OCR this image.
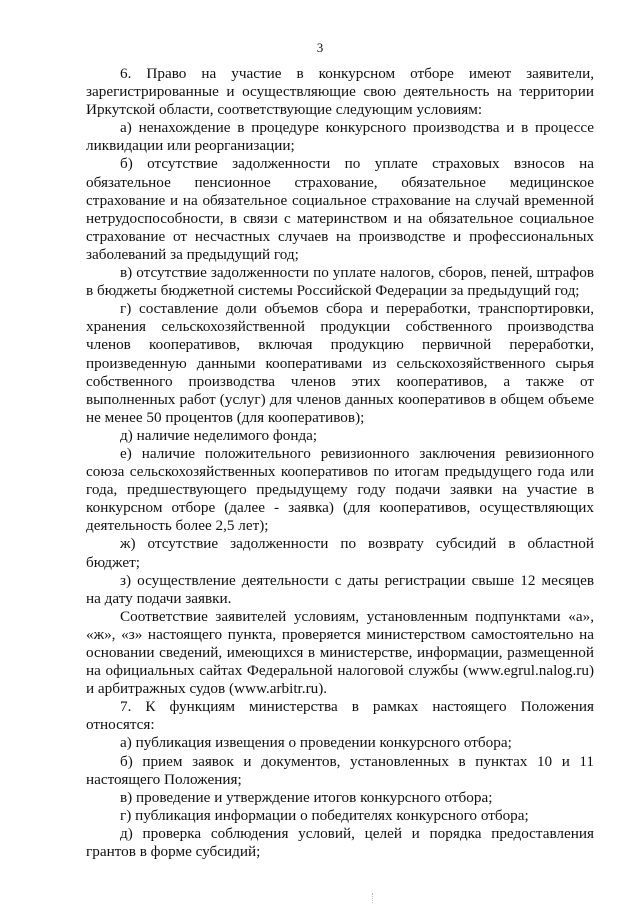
3

6. Право на участие в конкурсном отборе имеют заявители, зарегистрированные и осуществляющие свою деятельность на территории Иркутской области, соответствующие следующим условиям:

а) ненахождение в процедуре конкурсного производства и в процессе ликвидации или реорганизации;

б) отсутствие задолженности по уплате страховых взносов на обязательное пенсионное страхование, обязательное медицинское страхование и на обязательное социальное страхование на случай временной нетрудоспособности, в связи с материнством и на обязательное социальное страхование от несчастных случаев на производстве и профессиональных заболеваний за предыдущий год;

в) отсутствие задолженности по уплате налогов, сборов, пеней, штрафов в бюджеты бюджетной системы Российской Федерации за предыдущий год;

г) составление доли объемов сбора и переработки, транспортировки, хранения сельскохозяйственной продукции собственного производства членов кооперативов, включая продукцию первичной переработки, произведенную данными кооперативами из сельскохозяйственного сырья собственного производства членов этих кооперативов, а также от выполненных работ (услуг) для членов данных кооперативов в общем объеме не менее 50 процентов (для кооперативов);

д) наличие неделимого фонда;

е) наличие положительного ревизионного заключения ревизионного союза сельскохозяйственных кооперативов по итогам предыдущего года или года, предшествующего предыдущему году подачи заявки на участие в конкурсном отборе (далее - заявка) (для кооперативов, осуществляющих деятельность более 2,5 лет);

ж) отсутствие задолженности по возврату субсидий в областной бюджет;

з) осуществление деятельности с даты регистрации свыше 12 месяцев на дату подачи заявки.

Соответствие заявителей условиям, установленным подпунктами «а», «ж», «з» настоящего пункта, проверяется министерством самостоятельно на основании сведений, имеющихся в министерстве, информации, размещенной на официальных сайтах Федеральной налоговой службы (www.egrul.nalog.ru) и арбитражных судов (www.arbitr.ru).

7. К функциям министерства в рамках настоящего Положения относятся:

а) публикация извещения о проведении конкурсного отбора;

б) прием заявок и документов, установленных в пунктах 10 и 11 настоящего Положения;

в) проведение и утверждение итогов конкурсного отбора;

г) публикация информации о победителях конкурсного отбора;

д) проверка соблюдения условий, целей и порядка предоставления грантов в форме субсидий;
